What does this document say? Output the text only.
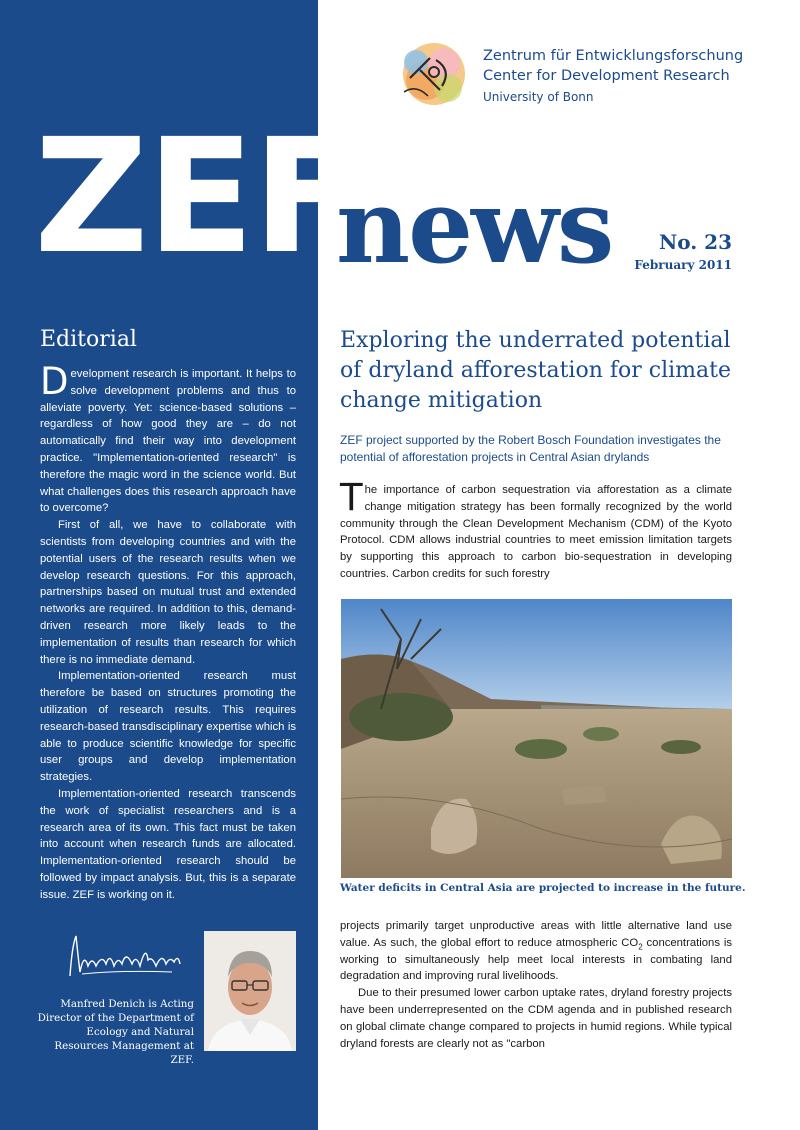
Zentrum für Entwicklungsforschung
Center for Development Research
University of Bonn
ZEF
news No. 23
February 2011
Editorial

Development research is important. It helps to solve development problems and thus to alleviate poverty. Yet: science-based solutions – regardless of how good they are – do not automatically find their way into development practice. "Implementation-oriented research" is therefore the magic word in the science world. But what challenges does this research approach have to overcome?

First of all, we have to collaborate with scientists from developing countries and with the potential users of the research results when we develop research questions. For this approach, partnerships based on mutual trust and extended networks are required. In addition to this, demand-driven research more likely leads to the implementation of results than research for which there is no immediate demand.

Implementation-oriented research must therefore be based on structures promoting the utilization of research results. This requires research-based transdisciplinary expertise which is able to produce scientific knowledge for specific user groups and develop implementation strategies.

Implementation-oriented research transcends the work of specialist researchers and is a research area of its own. This fact must be taken into account when research funds are allocated. Implementation-oriented research should be followed by impact analysis. But, this is a separate issue. ZEF is working on it.

Manfred Denich is Acting Director of the Department of Ecology and Natural Resources Management at ZEF.
Exploring the underrated potential of dryland afforestation for climate change mitigation

ZEF project supported by the Robert Bosch Foundation investigates the potential of afforestation projects in Central Asian drylands

The importance of carbon sequestration via afforestation as a climate change mitigation strategy has been formally recognized by the world community through the Clean Development Mechanism (CDM) of the Kyoto Protocol. CDM allows industrial countries to meet emission limitation targets by supporting this approach to carbon bio-sequestration in developing countries. Carbon credits for such forestry

Water deficits in Central Asia are projected to increase in the future.

projects primarily target unproductive areas with little alternative land use value. As such, the global effort to reduce atmospheric $CO_2$ concentrations is working to simultaneously help meet local interests in combating land degradation and improving rural livelihoods.

Due to their presumed lower carbon uptake rates, dryland forestry projects have been underrepresented on the CDM agenda and in published research on global climate change compared to projects in humid regions. While typical dryland forests are clearly not as "carbon
